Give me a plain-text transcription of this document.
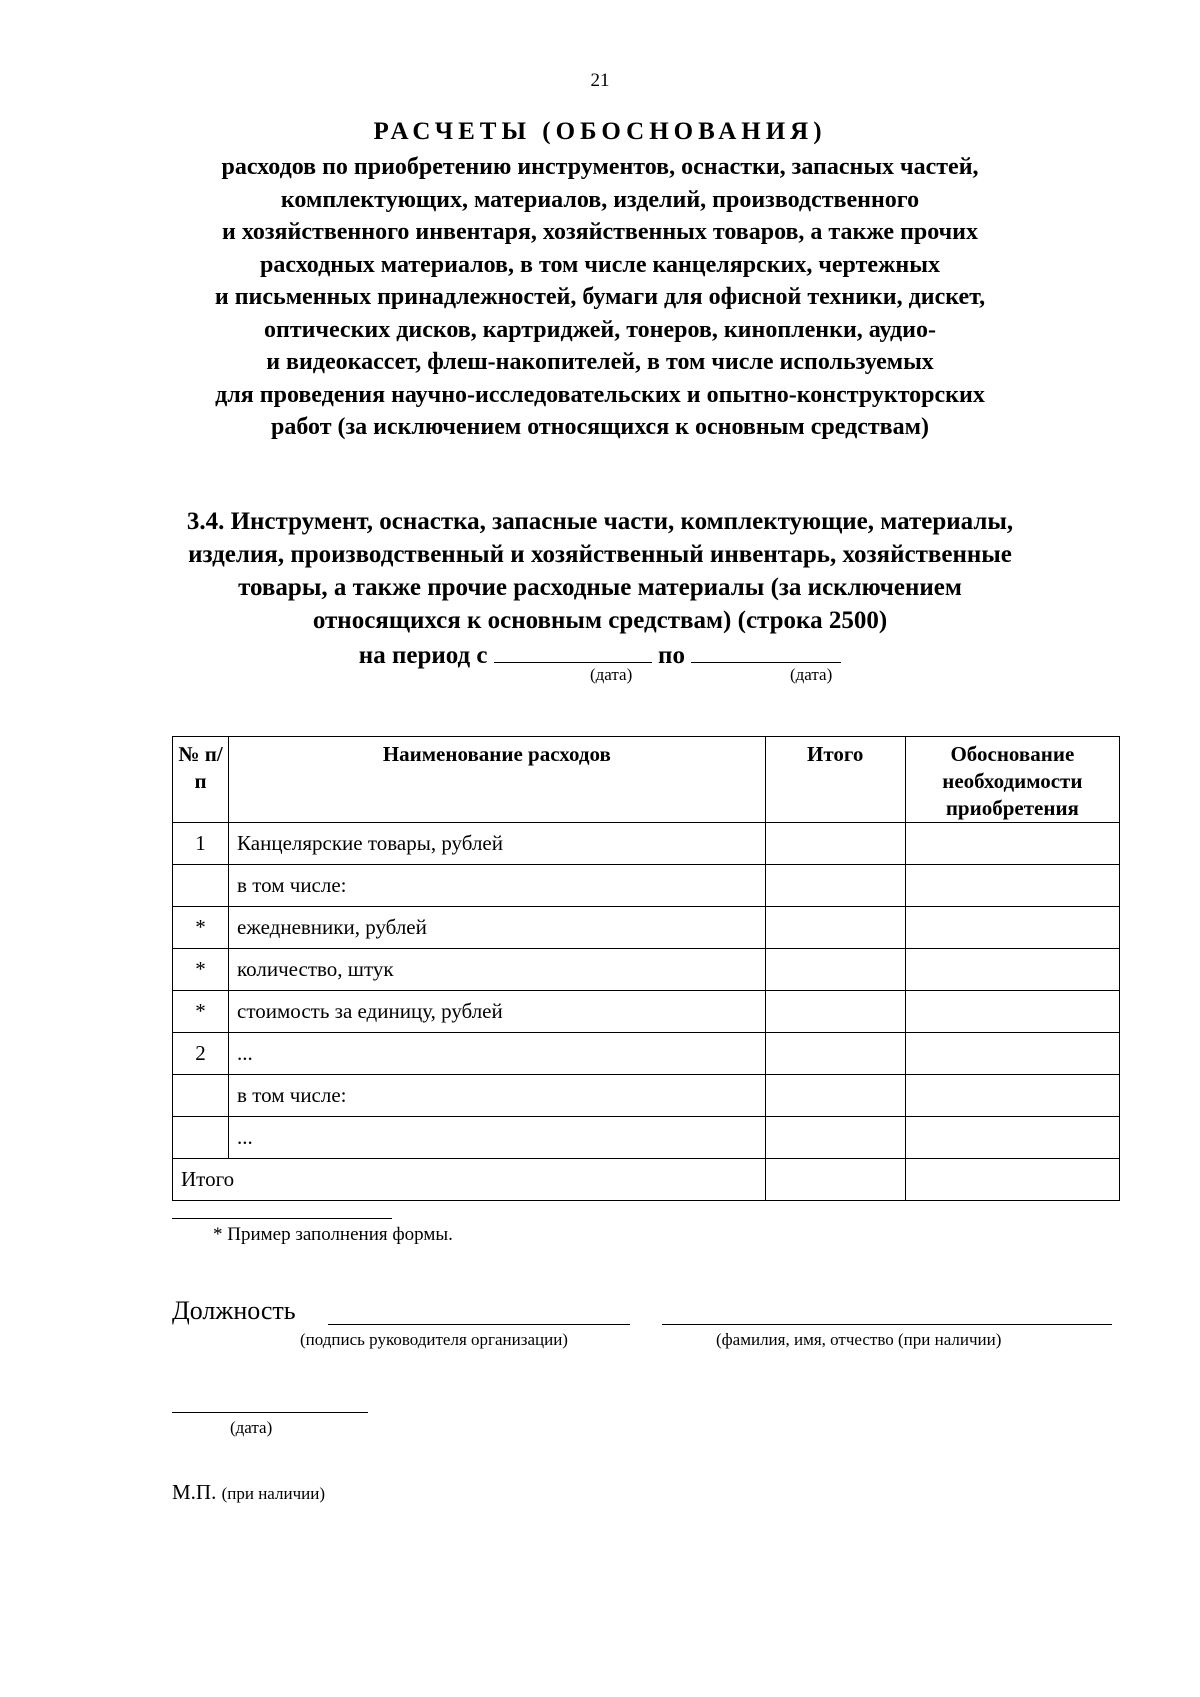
21
РАСЧЕТЫ (ОБОСНОВАНИЯ)
расходов по приобретению инструментов, оснастки, запасных частей,
комплектующих, материалов, изделий, производственного
и хозяйственного инвентаря, хозяйственных товаров, а также прочих
расходных материалов, в том числе канцелярских, чертежных
и письменных принадлежностей, бумаги для офисной техники, дискет,
оптических дисков, картриджей, тонеров, кинопленки, аудио-
и видеокассет, флеш-накопителей, в том числе используемых
для проведения научно-исследовательских и опытно-конструкторских
работ (за исключением относящихся к основным средствам)
3.4. Инструмент, оснастка, запасные части, комплектующие, материалы,
изделия, производственный и хозяйственный инвентарь, хозяйственные
товары, а также прочие расходные материалы (за исключением
относящихся к основным средствам) (строка 2500)
на период с	по
(дата)	(дата)
№ п/п	Наименование расходов	Итого	Обоснование необходимости приобретения
1	Канцелярские товары, рублей		
	в том числе:		
*	ежедневники, рублей		
*	количество, штук		
*	стоимость за единицу, рублей		
2	...		
	в том числе:		
	...		
Итого			
* Пример заполнения формы.
Должность
(подпись руководителя организации)	(фамилия, имя, отчество (при наличии)
(дата)
М.П. (при наличии)
